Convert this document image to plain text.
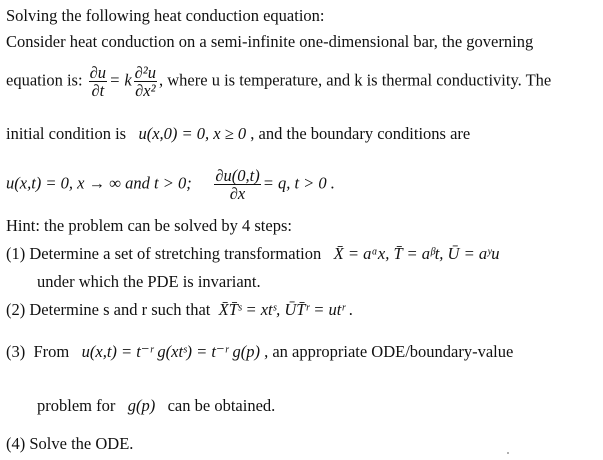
Solving the following heat conduction equation:
Consider heat conduction on a semi-infinite one-dimensional bar, the governing
equation is: $\frac{\partial u}{\partial t} = k \frac{\text{∂²u}}{\text{∂x²}}$ , where u is temperature, and k is thermal conductivity. The
initial condition is u(x,0) = 0, x ≥ 0 , and the boundary conditions are
u(x,t) = 0, x → ∞ and t > 0; $\frac{\partial u(0,t)}{\partial x} = q$, t > 0 .
Hint: the problem can be solved by 4 steps:
(1) Determine a set of stretching transformation X̄ = aᵅx, T̄ = aᵝt, Ū = aʸu
under which the PDE is invariant.
(2) Determine s and r such that X̄T̄ˢ = xtˢ, ŪT̄ʳ = utʳ .
(3) From u(x,t) = t⁻ʳ g(xtˢ) = t⁻ʳ g(p) , an appropriate ODE/boundary-value
problem for g(p) can be obtained.
(4) Solve the ODE.
